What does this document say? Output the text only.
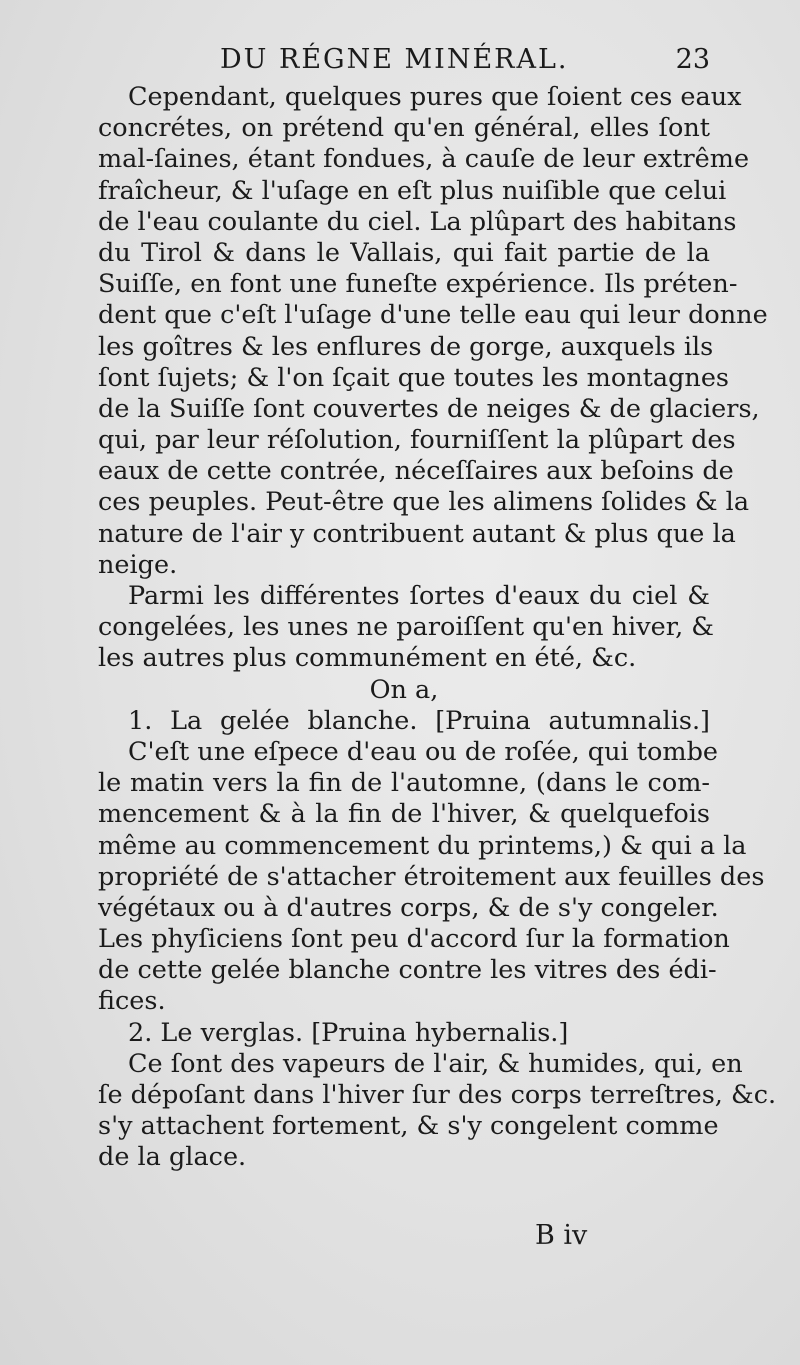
DU RÉGNE MINÉRAL.	23
Cependant, quelques pures que ſoient ces eaux
concrétes, on prétend qu'en général, elles ſont
mal-ſaines, étant fondues, à cauſe de leur extrême
fraîcheur, & l'uſage en eſt plus nuiſible que celui
de l'eau coulante du ciel. La plûpart des habitans
du Tirol & dans le Vallais, qui fait partie de la
Suiſſe, en font une funeſte expérience. Ils préten-
dent que c'eſt l'uſage d'une telle eau qui leur donne
les goîtres & les enflures de gorge, auxquels ils
ſont ſujets; & l'on ſçait que toutes les montagnes
de la Suiſſe ſont couvertes de neiges & de glaciers,
qui, par leur réſolution, fourniſſent la plûpart des
eaux de cette contrée, néceſſaires aux beſoins de
ces peuples. Peut-être que les alimens ſolides & la
nature de l'air y contribuent autant & plus que la
neige.
Parmi les différentes ſortes d'eaux du ciel &
congelées, les unes ne paroiſſent qu'en hiver, &
les autres plus communément en été, &c.
On a,
1. La gelée blanche. [Pruina autumnalis.]
C'eſt une eſpece d'eau ou de roſée, qui tombe
le matin vers la fin de l'automne, (dans le com-
mencement & à la fin de l'hiver, & quelquefois
même au commencement du printems,) & qui a la
propriété de s'attacher étroitement aux feuilles des
végétaux ou à d'autres corps, & de s'y congeler.
Les phyſiciens ſont peu d'accord ſur la formation
de cette gelée blanche contre les vitres des édi-
fices.
2. Le verglas. [Pruina hybernalis.]
Ce ſont des vapeurs de l'air, & humides, qui, en
ſe dépoſant dans l'hiver ſur des corps terreſtres, &c.
s'y attachent fortement, & s'y congelent comme
de la glace.
B iv
